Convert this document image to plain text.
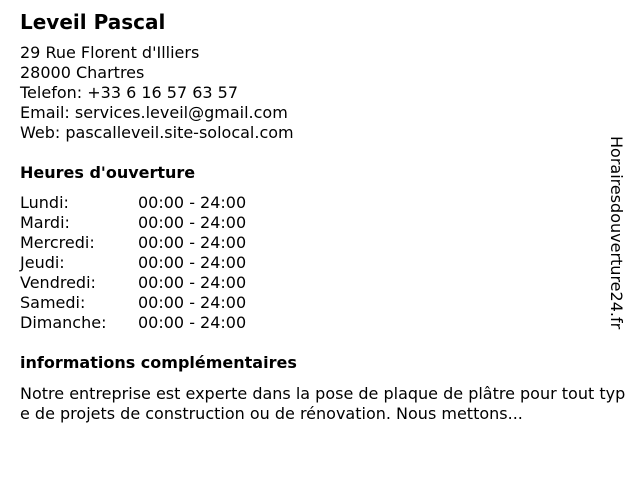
Leveil Pascal
29 Rue Florent d'Illiers
28000 Chartres
Telefon: +33 6 16 57 63 57
Email: services.leveil@gmail.com
Web: pascalleveil.site-solocal.com
Heures d'ouverture
Lundi:	00:00 - 24:00
Mardi:	00:00 - 24:00
Mercredi:	00:00 - 24:00
Jeudi:	00:00 - 24:00
Vendredi:	00:00 - 24:00
Samedi:	00:00 - 24:00
Dimanche: 00:00 - 24:00
informations complémentaires
Notre entreprise est experte dans la pose de plaque de plâtre pour tout type de projets de construction ou de rénovation. Nous mettons...
Horairesdouverture24.fr
